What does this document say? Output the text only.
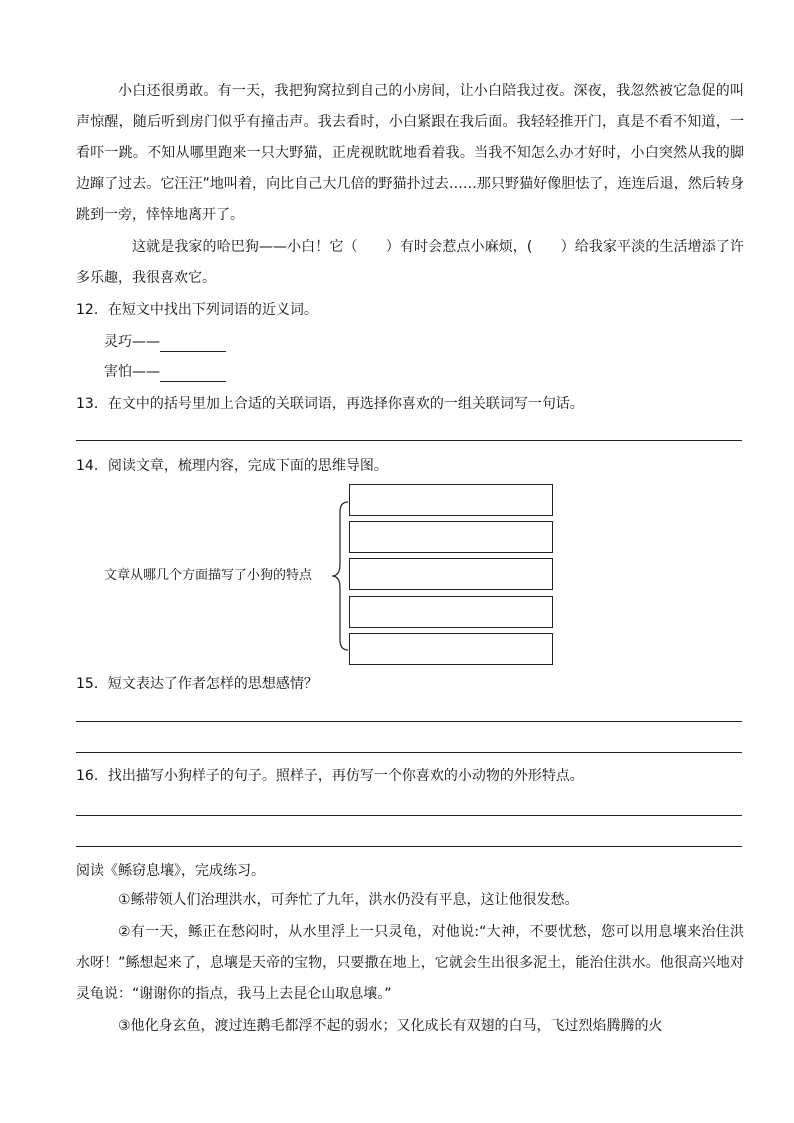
小白还很勇敢。有一天，我把狗窝拉到自己的小房间，让小白陪我过夜。深夜，我忽然被它急促的叫声惊醒，随后听到房门似乎有撞击声。我去看时，小白紧跟在我后面。我轻轻推开门，真是不看不知道，一看吓一跳。不知从哪里跑来一只大野猫，正虎视眈眈地看着我。当我不知怎么办才好时，小白突然从我的脚边蹿了过去。它汪汪”地叫着，向比自己大几倍的野猫扑过去……那只野猫好像胆怯了，连连后退，然后转身跳到一旁，悻悻地离开了。

这就是我家的哈巴狗——小白！它（　　）有时会惹点小麻烦，(　　）给我家平淡的生活增添了许多乐趣，我很喜欢它。

12．在短文中找出下列词语的近义词。

灵巧——

害怕——

13．在文中的括号里加上合适的关联词语，再选择你喜欢的一组关联词写一句话。

14．阅读文章，梳理内容，完成下面的思维导图。

文章从哪几个方面描写了小狗的特点

15．短文表达了作者怎样的思想感情？

16．找出描写小狗样子的句子。照样子，再仿写一个你喜欢的小动物的外形特点。

阅读《鲧窃息壤》，完成练习。

①鲧带领人们治理洪水，可奔忙了九年，洪水仍没有平息，这让他很发愁。

②有一天，鲧正在愁闷时，从水里浮上一只灵龟，对他说:“大神，不要忧愁，您可以用息壤来治住洪水呀！”鲧想起来了，息壤是天帝的宝物，只要撒在地上，它就会生出很多泥土，能治住洪水。他很高兴地对灵龟说：“谢谢你的指点，我马上去昆仑山取息壤。”

③他化身玄鱼，渡过连鹅毛都浮不起的弱水；又化成长有双翅的白马，飞过烈焰腾腾的火
